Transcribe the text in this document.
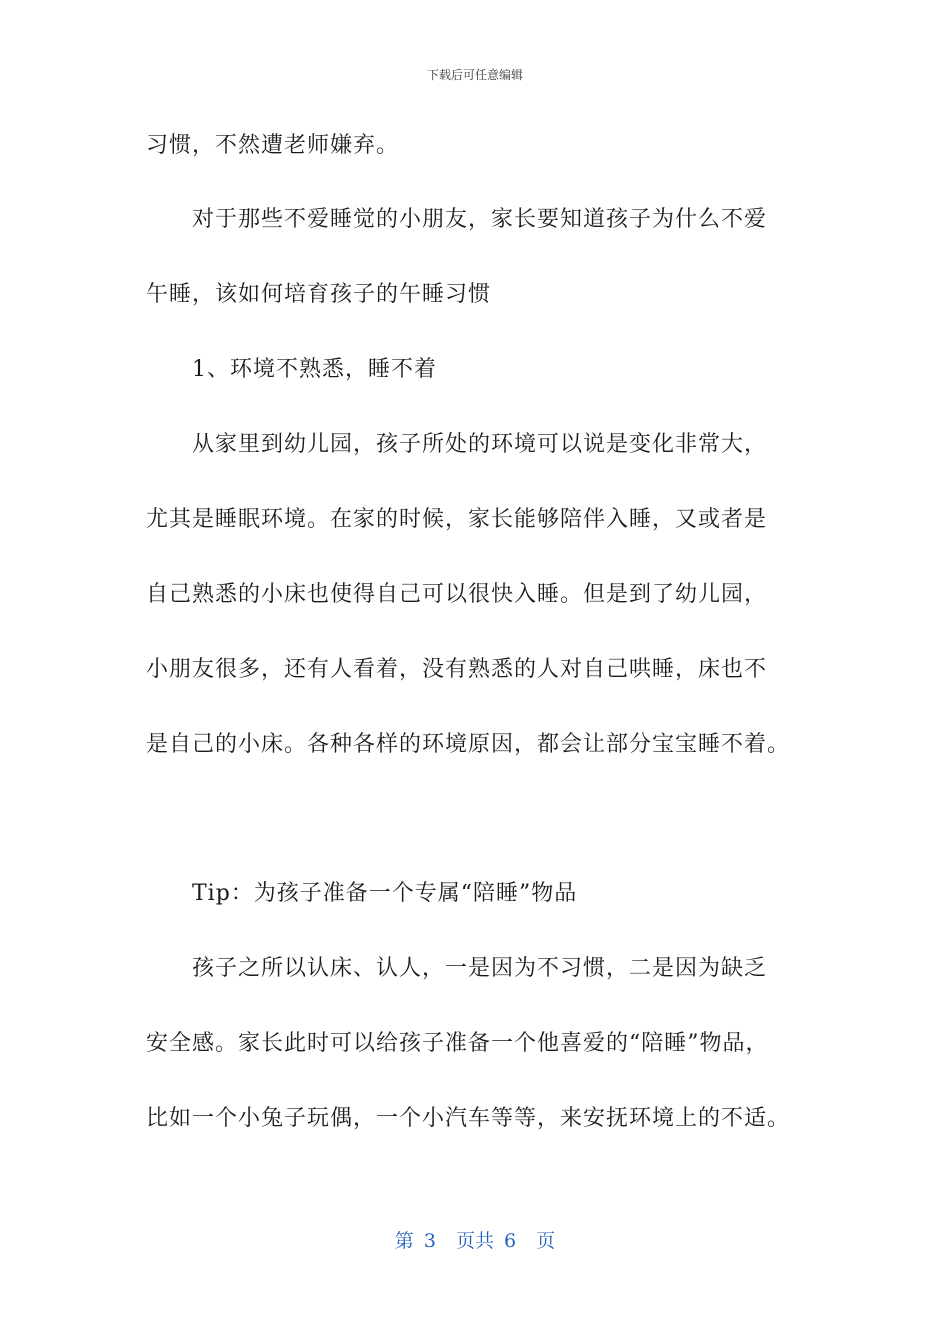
下载后可任意编辑
习惯，不然遭老师嫌弃。
对于那些不爱睡觉的小朋友，家长要知道孩子为什么不爱
午睡，该如何培育孩子的午睡习惯
1、环境不熟悉，睡不着
从家里到幼儿园，孩子所处的环境可以说是变化非常大，
尤其是睡眠环境。在家的时候，家长能够陪伴入睡，又或者是
自己熟悉的小床也使得自己可以很快入睡。但是到了幼儿园，
小朋友很多，还有人看着，没有熟悉的人对自己哄睡，床也不
是自己的小床。各种各样的环境原因，都会让部分宝宝睡不着。
Tip：为孩子准备一个专属“陪睡”物品
孩子之所以认床、认人，一是因为不习惯，二是因为缺乏
安全感。家长此时可以给孩子准备一个他喜爱的“陪睡”物品，
比如一个小兔子玩偶，一个小汽车等等，来安抚环境上的不适。
第 3  页共 6  页
